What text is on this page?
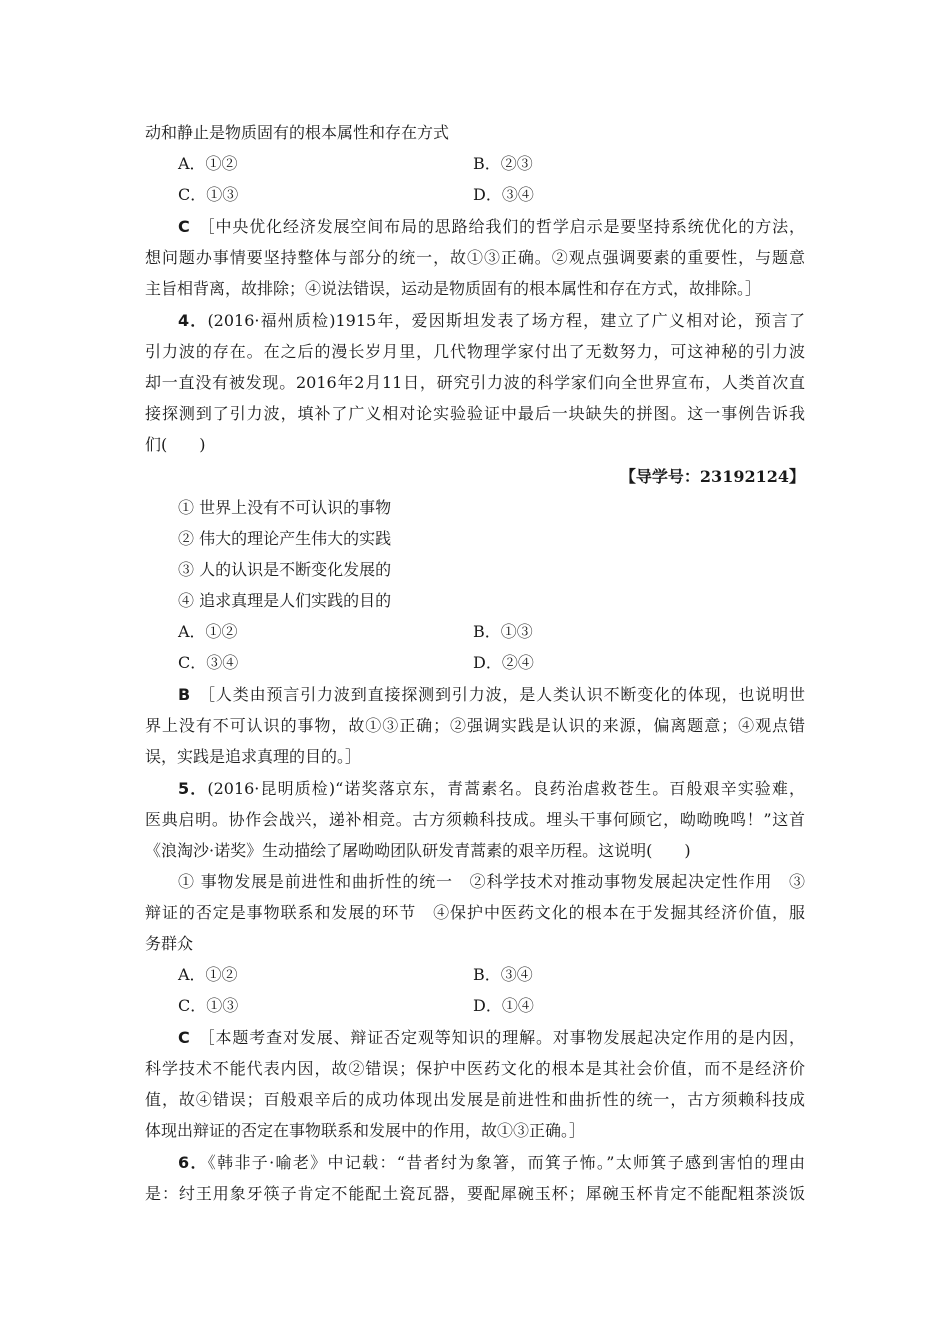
动和静止是物质固有的根本属性和存在方式
A．①②	B．②③
C．①③	D．③④
C ［中央优化经济发展空间布局的思路给我们的哲学启示是要坚持系统优化的方法，
想问题办事情要坚持整体与部分的统一，故①③正确。②观点强调要素的重要性，与题意
主旨相背离，故排除；④说法错误，运动是物质固有的根本属性和存在方式，故排除。］
4．(2016·福州质检)1915年，爱因斯坦发表了场方程，建立了广义相对论，预言了
引力波的存在。在之后的漫长岁月里，几代物理学家付出了无数努力，可这神秘的引力波
却一直没有被发现。2016年2月11日，研究引力波的科学家们向全世界宣布，人类首次直
接探测到了引力波，填补了广义相对论实验验证中最后一块缺失的拼图。这一事例告诉我
们(　　)
【导学号：23192124】
① 世界上没有不可认识的事物
② 伟大的理论产生伟大的实践
③ 人的认识是不断变化发展的
④ 追求真理是人们实践的目的
A．①②	B．①③
C．③④	D．②④
B ［人类由预言引力波到直接探测到引力波，是人类认识不断变化的体现，也说明世
界上没有不可认识的事物，故①③正确；②强调实践是认识的来源，偏离题意；④观点错
误，实践是追求真理的目的。］
5．(2016·昆明质检)“诺奖落京东，青蒿素名。良药治虐救苍生。百般艰辛实验难，
医典启明。协作会战兴，递补相竞。古方须赖科技成。埋头干事何顾它，呦呦晚鸣！”这首
《浪淘沙·诺奖》生动描绘了屠呦呦团队研发青蒿素的艰辛历程。这说明(　　)
① 事物发展是前进性和曲折性的统一　②科学技术对推动事物发展起决定性作用　③
辩证的否定是事物联系和发展的环节　④保护中医药文化的根本在于发掘其经济价值，服
务群众
A．①②	B．③④
C．①③	D．①④
C ［本题考查对发展、辩证否定观等知识的理解。对事物发展起决定作用的是内因，
科学技术不能代表内因，故②错误；保护中医药文化的根本是其社会价值，而不是经济价
值，故④错误；百般艰辛后的成功体现出发展是前进性和曲折性的统一，古方须赖科技成
体现出辩证的否定在事物联系和发展中的作用，故①③正确。］
6．《韩非子·喻老》中记载：“昔者纣为象箸，而箕子怖。”太师箕子感到害怕的理由
是：纣王用象牙筷子肯定不能配土瓷瓦器，要配犀碗玉杯；犀碗玉杯肯定不能配粗茶淡饭
